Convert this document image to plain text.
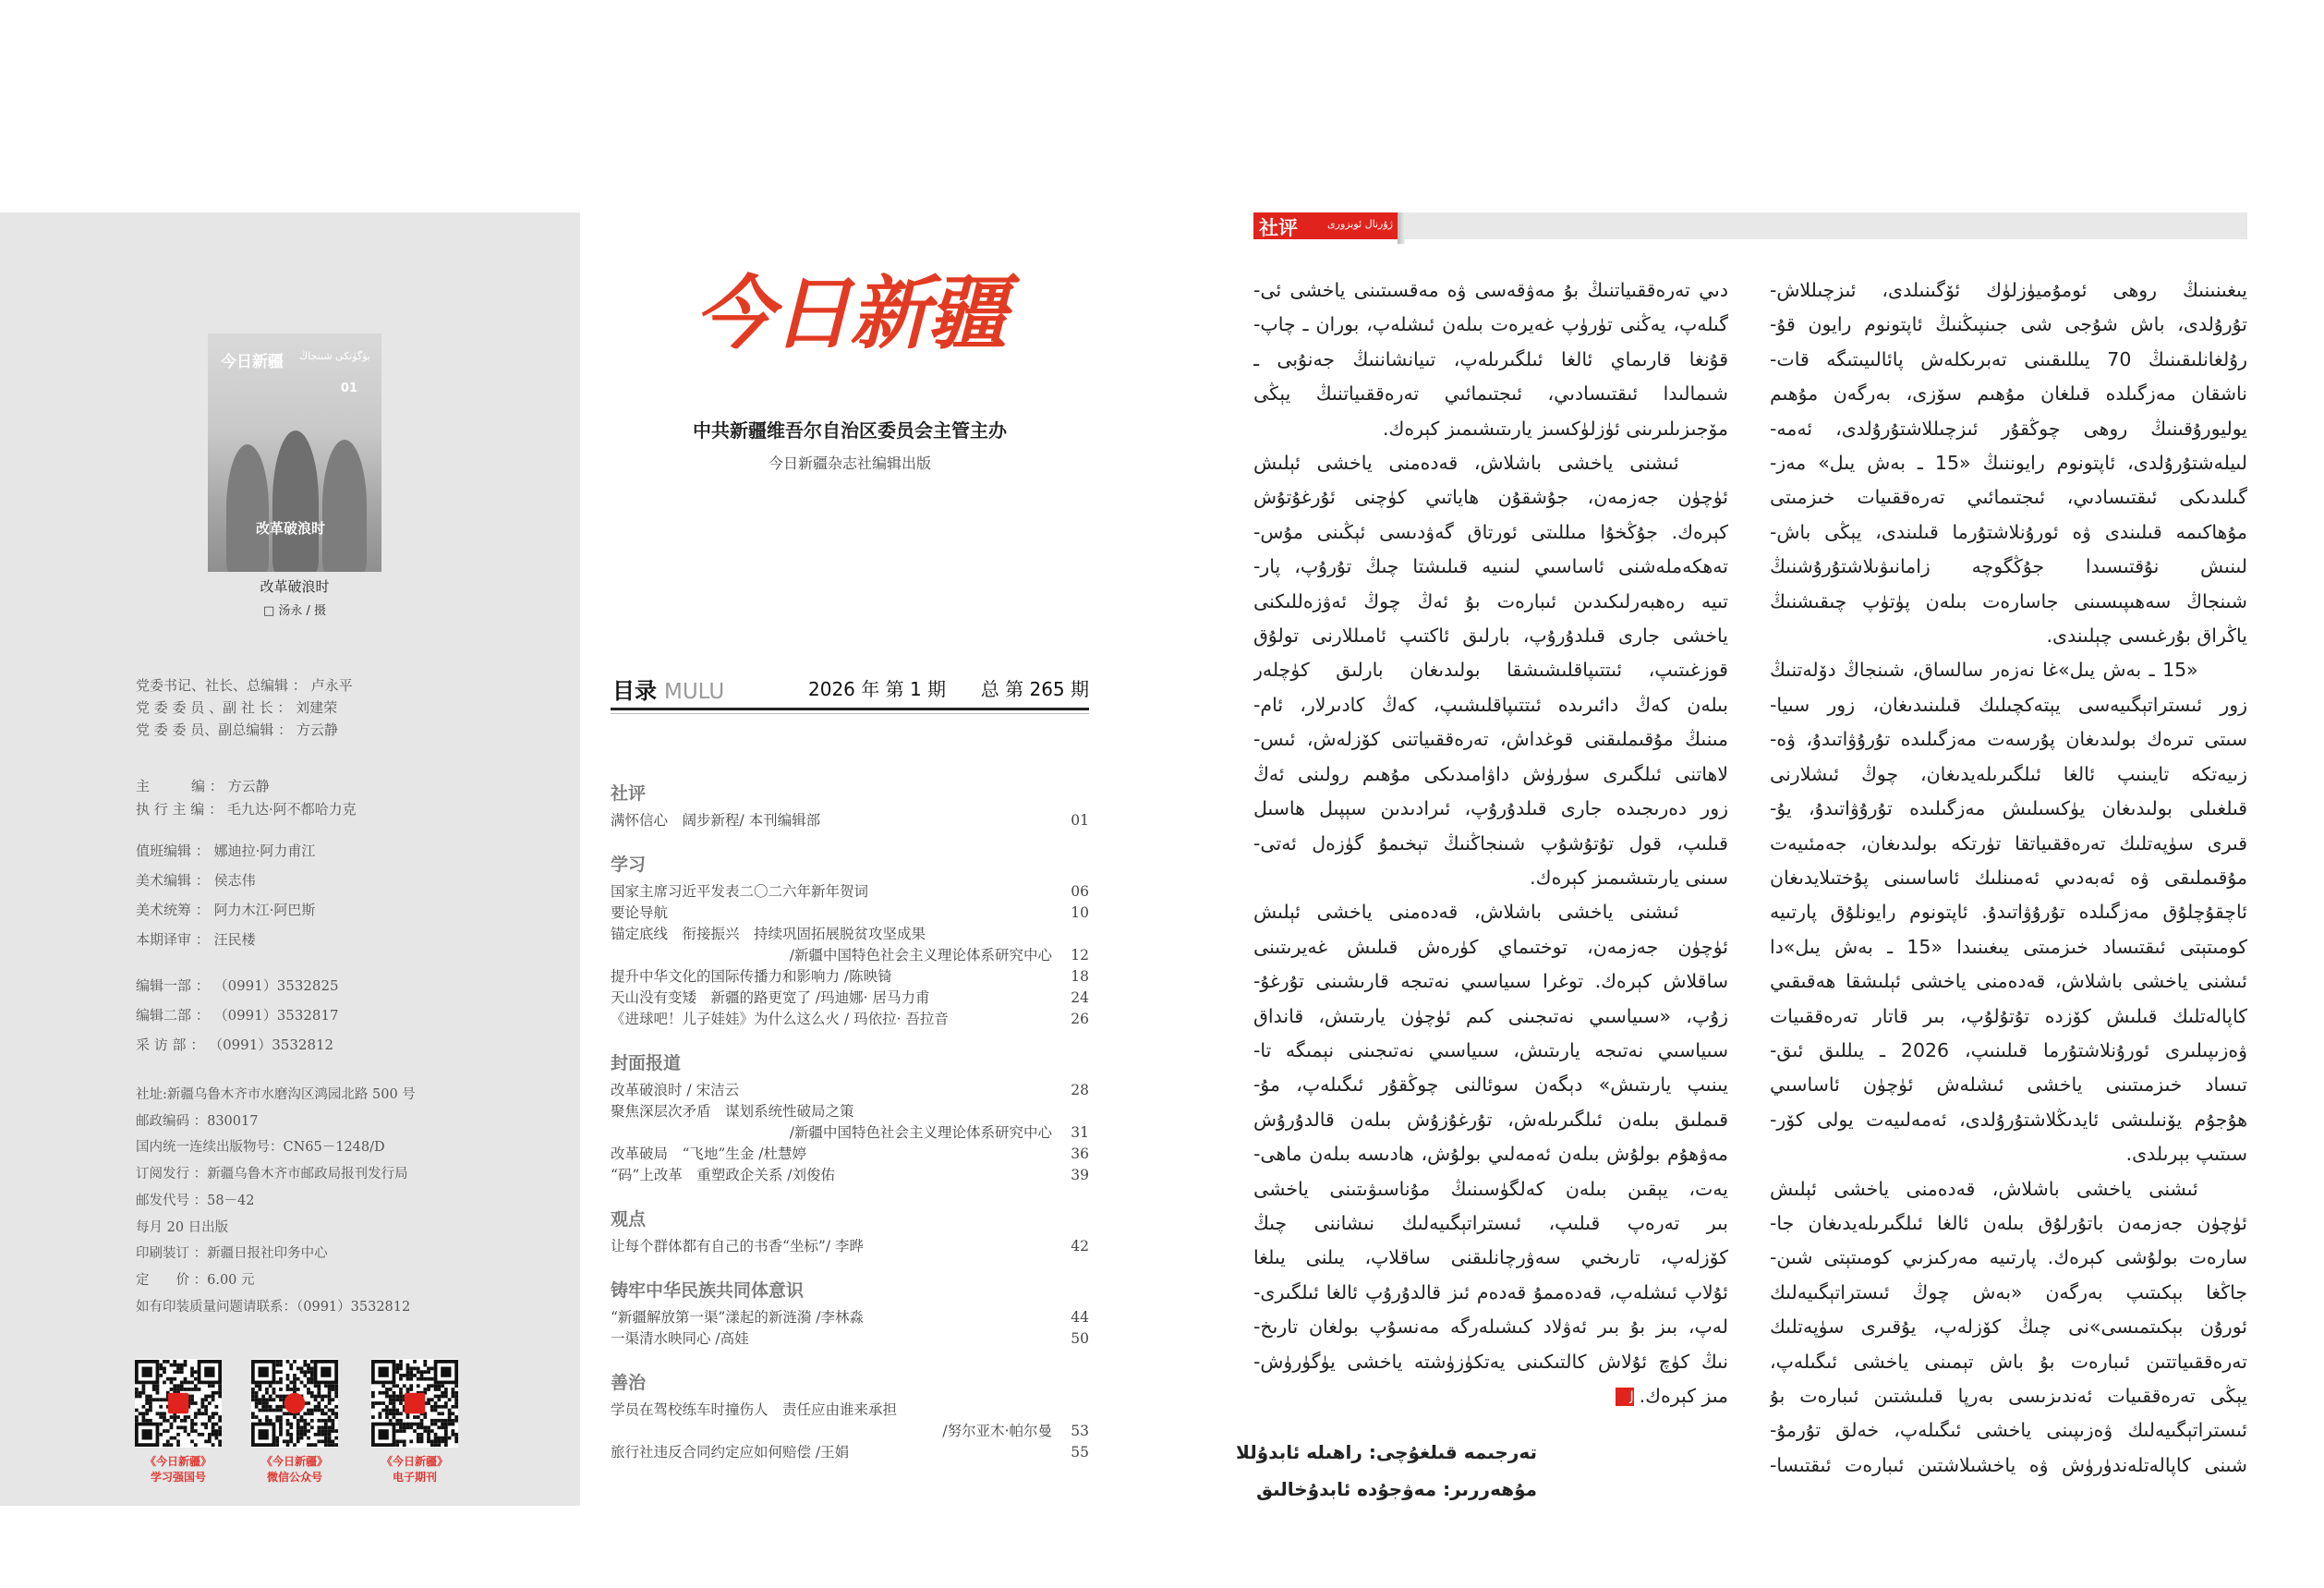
今日新疆 بۈگۈنكى شىنجاڭ
01
改革破浪时
改革破浪时
□ 汤永 / 摄
党委书记、社长、总编辑 ： 卢永平
党 委 委 员 、副 社 长 ： 刘建荣
党 委 委 员、副总编辑 ： 方云静
主　　　编 ： 方云静
执 行 主 编 ： 毛九达·阿不都哈力克
值班编辑 ： 娜迪拉·阿力甫江
美术编辑 ： 侯志伟
美术统筹 ： 阿力木江·阿巴斯
本期译审 ： 汪民楼
编辑一部 ： （0991）3532825
编辑二部 ： （0991）3532817
采 访 部 ： （0991）3532812
社址:新疆乌鲁木齐市水磨沟区鸿园北路 500 号
邮政编码 ：830017
国内统一连续出版物号：CN65－1248/D
订阅发行 ：新疆乌鲁木齐市邮政局报刊发行局
邮发代号 ：58－42
每月 20 日出版
印刷装订 ：新疆日报社印务中心
定　　价 ：6.00 元
如有印装质量问题请联系：（0991）3532812
今日新疆
中共新疆维吾尔自治区委员会主管主办
今日新疆杂志社编辑出版
目录 MULU	2026 年 第 1 期 总 第 265 期
社评
满怀信心　阔步新程/ 本刊编辑部	01
学习
国家主席习近平发表二〇二六年新年贺词	06
要论导航	10
锚定底线　衔接振兴　持续巩固拓展脱贫攻坚成果
/新疆中国特色社会主义理论体系研究中心 12
提升中华文化的国际传播力和影响力 /陈映锜	18
天山没有变矮　新疆的路更宽了 /玛迪娜· 居马力甫	24
《进球吧！儿子娃娃》为什么这么火 / 玛依拉· 吾拉音	26
封面报道
改革破浪时 / 宋洁云	28
聚焦深层次矛盾　谋划系统性破局之策
/新疆中国特色社会主义理论体系研究中心 31
改革破局　“飞地”生金 /杜慧婷	36
“码”上改革　重塑政企关系 /刘俊佑	39
观点
让每个群体都有自己的书香“坐标”/ 李晔	42
铸牢中华民族共同体意识
“新疆解放第一渠”漾起的新涟漪 /李林淼	44
一渠清水映同心 /高娃	50
善治
学员在驾校练车时撞伤人　责任应由谁来承担
/努尔亚木·帕尔曼 53
旅行社违反合同约定应如何赔偿 /王娟	55
社评	ژۇرنال ئوبزورى
يىغىنىنىڭ روھى ئومۇميۈزلۈك ئۆگىنىلدى، ئىزچىللاش-
تۇرۇلدى، باش شۇجى شى جىنپىڭنىڭ ئاپتونوم رايون قۇ-
رۇلغانلىقىنىڭ 70 يىللىقىنى تەبرىكلەش پائالىيىتىگە قات-
ناشقان مەزگىلدە قىلغان مۇھىم سۆزى، بەرگەن مۇھىم
يوليورۇقىنىڭ روھى چوڭقۇر ئىزچىللاشتۇرۇلدى، ئەمە-
لىيلەشتۇرۇلدى، ئاپتونوم رايوننىڭ «15 ـ بەش يىل» مەز-
گىلىدىكى ئىقتىسادىي، ئىجتىمائىي تەرەققىيات خىزمىتى
مۇھاكىمە قىلىندى ۋە ئورۇنلاشتۇرما قىلىندى، يېڭى باش-
لىنىش نۇقتىسىدا جۇڭگوچە زامانىۋىلاشتۇرۇشنىڭ
شىنجاڭ سەھىپىسىنى جاسارەت بىلەن پۈتۈپ چىقىشنىڭ
ياڭراق بۇرغىسى چېلىندى.
«15 ـ بەش يىل»غا نەزەر سالساق، شىنجاڭ دۆلەتنىڭ
زور ئىستراتېگىيەسى يېتەكچىلىك قىلىنىدىغان، زور سىيا-
سىتى تىرەك بولىدىغان پۇرسەت مەزگىلىدە تۇرۇۋاتىدۇ، ۋە-
زىيەتكە تايىنىپ ئالغا ئىلگىرىلەيدىغان، چوڭ ئىشلارنى
قىلغىلى بولىدىغان يۈكسىلىش مەزگىلىدە تۇرۇۋاتىدۇ، يۇ-
قىرى سۈپەتلىك تەرەققىياتقا تۈرتكە بولىدىغان، جەمئىيەت
مۇقىملىقى ۋە ئەبەدىي ئەمىنلىك ئاساسىنى پۇختىلايدىغان
ئاچقۇچلۇق مەزگىلدە تۇرۇۋاتىدۇ. ئاپتونوم رايونلۇق پارتىيە
كومىتېتى ئىقتىساد خىزمىتى يىغىنىدا «15 ـ بەش يىل»دا
ئىشنى ياخشى باشلاش، قەدەمنى ياخشى ئېلىشقا ھەقىقىي
كاپالەتلىك قىلىش كۆزدە تۇتۇلۇپ، بىر قاتار تەرەققىيات
ۋەزىپىلىرى ئورۇنلاشتۇرما قىلىنىپ، 2026 ـ يىللىق ئىق-
تىساد خىزمىتىنى ياخشى ئىشلەش ئۈچۈن ئاساسىي
ھۇجۇم يۆنىلىشى ئايدىڭلاشتۇرۇلدى، ئەمەلىيەت يولى كۆر-
سىتىپ بېرىلدى.
ئىشنى ياخشى باشلاش، قەدەمنى ياخشى ئېلىش
ئۈچۈن جەزمەن باتۇرلۇق بىلەن ئالغا ئىلگىرىلەيدىغان جا-
سارەت بولۇشى كېرەك. پارتىيە مەركىزىي كومىتېتى شىن-
جاڭغا بېكىتىپ بەرگەن «بەش چوڭ ئىستراتېگىيەلىك
ئورۇن بېكىتمىسى»نى چىڭ كۆزلەپ، يۇقىرى سۈپەتلىك
تەرەققىياتتىن ئىبارەت بۇ باش تېمىنى ياخشى ئىگىلەپ،
يېڭى تەرەققىيات ئەندىزىسى بەرپا قىلىشتىن ئىبارەت بۇ
ئىستراتېگىيەلىك ۋەزىپىنى ياخشى ئىگىلەپ، خەلق تۇرمۇ-
شىنى كاپالەتلەندۈرۈش ۋە ياخشىلاشتىن ئىبارەت ئىقتىسا-
دىي تەرەققىياتنىڭ بۇ مەۋقەسى ۋە مەقسىتىنى ياخشى ئى-
گىلەپ، يەڭنى تۈرۈپ غەيرەت بىلەن ئىشلەپ، بوران ـ چاپ-
قۇنغا قارىماي ئالغا ئىلگىرىلەپ، تىيانشاننىڭ جەنۇبى ـ
شىمالىدا ئىقتىسادىي، ئىجتىمائىي تەرەققىياتنىڭ يېڭى
مۆجىزىلىرىنى ئۈزلۈكسىز يارىتىشىمىز كېرەك.
ئىشنى ياخشى باشلاش، قەدەمنى ياخشى ئېلىش
ئۈچۈن جەزمەن، جۇشقۇن ھاياتىي كۈچنى ئۇرغۇتۇش
كېرەك. جۇڭخۇا مىللىتى ئورتاق گەۋدىسى ئېڭىنى مۇس-
تەھكەملەشنى ئاساسىي لىنىيە قىلىشتا چىڭ تۇرۇپ، پار-
تىيە رەھبەرلىكىدىن ئىبارەت بۇ ئەڭ چوڭ ئەۋزەللىكنى
ياخشى جارى قىلدۇرۇپ، بارلىق ئاكتىپ ئامىللارنى تولۇق
قوزغىتىپ، ئىتتىپاقلىشىشقا بولىدىغان بارلىق كۈچلەر
بىلەن كەڭ دائىرىدە ئىتتىپاقلىشىپ، كەڭ كادىرلار، ئام-
مىنىڭ مۇقىملىقنى قوغداش، تەرەققىياتنى كۆزلەش، ئىس-
لاھاتنى ئىلگىرى سۈرۈش داۋامىدىكى مۇھىم رولىنى ئەڭ
زور دەرىجىدە جارى قىلدۇرۇپ، ئىرادىدىن سېپىل ھاسىل
قىلىپ، قول تۇتۇشۇپ شىنجاڭنىڭ تېخىمۇ گۈزەل ئەتى-
سىنى يارىتىشىمىز كېرەك.
ئىشنى ياخشى باشلاش، قەدەمنى ياخشى ئېلىش
ئۈچۈن جەزمەن، توختىماي كۈرەش قىلىش غەيرىتىنى
ساقلاش كېرەك. توغرا سىياسىي نەتىجە قارىشىنى تۇرغۇ-
زۇپ، «سىياسىي نەتىجىنى كىم ئۈچۈن يارىتىش، قانداق
سىياسىي نەتىجە يارىتىش، سىياسىي نەتىجىنى نېمىگە تا-
يىنىپ يارىتىش» دېگەن سوئالنى چوڭقۇر ئىگىلەپ، مۇ-
قىملىق بىلەن ئىلگىرىلەش، تۇرغۇزۇش بىلەن قالدۇرۇش
مەۋھۇم بولۇش بىلەن ئەمەلىي بولۇش، ھادىسە بىلەن ماھى-
يەت، يېقىن بىلەن كەلگۈسىنىڭ مۇناسىۋىتىنى ياخشى
بىر تەرەپ قىلىپ، ئىستراتېگىيەلىك نىشاننى چىڭ
كۆزلەپ، تارىخىي سەۋرچانلىقنى ساقلاپ، يىلنى يىلغا
ئۇلاپ ئىشلەپ، قەدەممۇ قەدەم ئىز قالدۇرۇپ ئالغا ئىلگىرى-
لەپ، بىز بۇ بىر ئەۋلاد كىشىلەرگە مەنسۇپ بولغان تارىخ-
نىڭ كۈچ ئۇلاش كالتىكىنى يەتكۈزۈشتە ياخشى يۈگۈرۈش-
مىز كېرەك.J
تەرجىمە قىلغۇچى: راھىلە ئابدۇللا
مۇھەررىر: مەۋجۇدە ئابدۇخالىق
《今日新疆》
学习强国号
《今日新疆》
微信公众号
《今日新疆》
电子期刊
